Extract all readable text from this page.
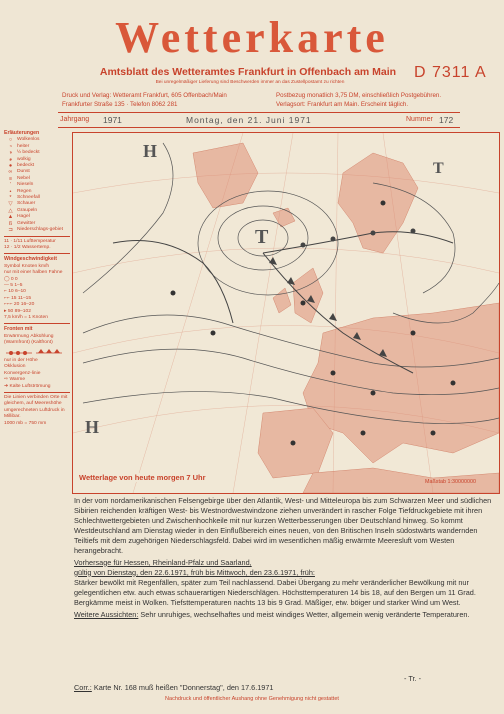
Wetterkarte
Amtsblatt des Wetteramtes Frankfurt in Offenbach am Main
Bei unregelmäßiger Lieferung sind Beschwerden immer an das Zustellpostamt zu richten
D 7311 A
Druck und Verlag: Wetteramt Frankfurt, 605 Offenbach/Main
Frankfurter Straße 135 · Telefon 8062 281
Postbezug monatlich 3,75 DM, einschließlich Postgebühren.
Verlagsort: Frankfurt am Main. Erscheint täglich.
Jahrgang 1971	Montag, den 21. Juni 1971	Nummer 172
Erläuterungen
○ Wolkenlos
◔ heiter
◑ ½ bedeckt
◕ wolkig
● bedeckt
∞ Dunst
≡ Nebel
’	Nieseln
•	Regen
*	Schneefall
▽ Schauer
△ Graupeln
▲ Hagel
ß Gewitter
⊐ Niederschlags-gebiet
11 · 1/11 Lufttemperatur
12 · 1/2 Wassertemp.
Windgeschwindigkeit
Symbol Knoten km/h
nur mit einer halben Fahne
◯ 0 0
— 5 1–5
⌐ 10 6–10
⌐⌐ 15 11–15
⌐⌐⌐ 20 16–20
▸ 50 89–102
7,5 km/h = 1 Knoten
Fronten mit
Erwärmung
Abkühlung
(Warmfront)
(Kaltfront)
nur in der Höhe
Okklusion
Konvergenz-linie
⇨
Warme
➜
Kalte
Luftströmung
Die Linien verbinden Orte mit gleichem, auf Meereshöhe umgerechneten Luftdruck in Millibar.
1000 mb = 750 mm
T
H
H
T
Wetterlage von heute morgen 7 Uhr	Maßstab 1:30000000

In der vom nordamerikanischen Felsengebirge über den Atlantik, West- und Mitteleuropa bis zum Schwarzen Meer und südlichen Sibirien reichenden kräftigen West- bis Westnordwestwindzone ziehen unverändert in rascher Folge Tiefdruckgebiete mit ihren Schlechtwettergebieten und Zwischenhochkeile mit nur kurzen Wetterbesserungen über Deutschland hinweg. So kommt Westdeutschland am Dienstag wieder in den Einflußbereich eines neuen, von den Britischen Inseln südostwärts wandernden Teiltiefs mit dem zugehörigen Niederschlagsfeld. Dabei wird im wesentlichen mäßig erwärmte Meeresluft vom Westen herangebracht.

Vorhersage für Hessen, Rheinland-Pfalz und Saarland,

gültig von Dienstag, den 22.6.1971, früh bis Mittwoch, den 23.6.1971, früh:

Stärker bewölkt mit Regenfällen, später zum Teil nachlassend. Dabei Übergang zu mehr veränderlicher Bewölkung mit nur gelegentlichen etw. auch etwas schauerartigen Niederschlägen. Höchsttemperaturen 14 bis 18, auf den Bergen um 11 Grad. Bergkämme meist in Wolken. Tiefsttemperaturen nachts 13 bis 9 Grad. Mäßiger, etw. böiger und starker Wind um West.

Weitere Aussichten: Sehr unruhiges, wechselhaftes und meist windiges Wetter, allgemein wenig veränderte Temperaturen.

- Tr. -
Corr.: Karte Nr. 168 muß heißen "Donnerstag", den 17.6.1971
Nachdruck und öffentlicher Aushang ohne Genehmigung nicht gestattet
